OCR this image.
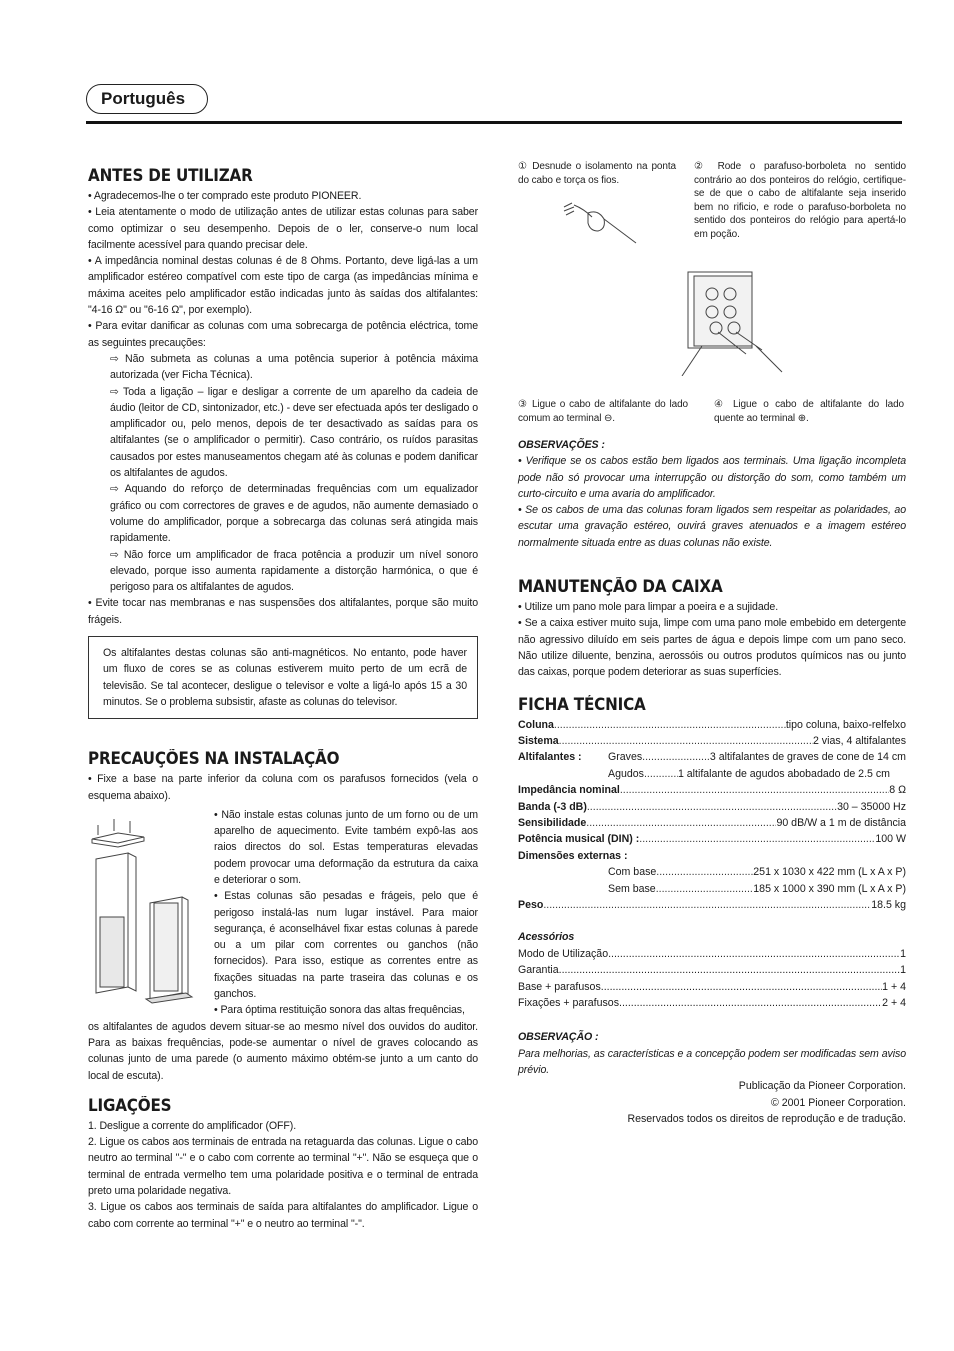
Português
ANTES DE UTILIZAR

• Agradecemos-lhe o ter comprado este produto PIONEER.

• Leia atentamente o modo de utilização antes de utilizar estas colunas para saber como optimizar o seu desempenho. Depois de o ler, conserve-o num local facilmente acessível para quando precisar dele.

• A impedância nominal destas colunas é de 8 Ohms. Portanto, deve ligá-las a um amplificador estéreo compatível com este tipo de carga (as impedâncias mínima e máxima aceites pelo amplificador estão indicadas junto às saídas dos altifalantes: "4-16 Ω" ou "6-16 Ω", por exemplo).

• Para evitar danificar as colunas com uma sobrecarga de potência eléctrica, tome as seguintes precauções:

⇨ Não submeta as colunas a uma potência superior à potência máxima autorizada (ver Ficha Técnica).

⇨ Toda a ligação – ligar e desligar a corrente de um aparelho da cadeia de áudio (leitor de CD, sintonizador, etc.) - deve ser efectuada após ter desligado o amplificador ou, pelo menos, depois de ter desactivado as saídas para os altifalantes (se o amplificador o permitir). Caso contrário, os ruídos parasitas causados por estes manuseamentos chegam até às colunas e podem danificar os altifalantes de agudos.

⇨ Aquando do reforço de determinadas frequências com um equalizador gráfico ou com correctores de graves e de agudos, não aumente demasiado o volume do amplificador, porque a sobrecarga das colunas será atingida mais rapidamente.

⇨ Não force um amplificador de fraca potência a produzir um nível sonoro elevado, porque isso aumenta rapidamente a distorção harmónica, o que é perigoso para os altifalantes de agudos.

• Evite tocar nas membranas e nas suspensões dos altifalantes, porque são muito frágeis.

Os altifalantes destas colunas são anti-magnéticos. No entanto, pode haver um fluxo de cores se as colunas estiverem muito perto de um ecrã de televisão. Se tal acontecer, desligue o televisor e volte a ligá-lo após 15 a 30 minutos. Se o problema subsistir, afaste as colunas do televisor.

PRECAUÇÕES NA INSTALAÇÃO

• Fixe a base na parte inferior da coluna com os parafusos fornecidos (vela o esquema abaixo).

• Não instale estas colunas junto de um forno ou de um aparelho de aquecimento. Evite também expô-las aos raios directos do sol. Estas temperaturas elevadas podem provocar uma deformação da estrutura da caixa e deteriorar o som.

• Estas colunas são pesadas e frágeis, pelo que é perigoso instalá-las num lugar instável. Para maior segurança, é aconselhável fixar estas colunas à parede ou a um pilar com correntes ou ganchos (não fornecidos). Para isso, estique as correntes entre as fixações situadas na parte traseira das colunas e os ganchos.

• Para óptima restituição sonora das altas frequências,

os altifalantes de agudos devem situar-se ao mesmo nível dos ouvidos do auditor. Para as baixas frequências, pode-se aumentar o nível de graves colocando as colunas junto de uma parede (o aumento máximo obtém-se junto a um canto do local de escuta).

LIGAÇÕES

1. Desligue a corrente do amplificador (OFF).

2. Ligue os cabos aos terminais de entrada na retaguarda das colunas. Ligue o cabo neutro ao terminal "-" e o cabo com corrente ao terminal "+". Não se esqueça que o terminal de entrada vermelho tem uma polaridade positiva e o terminal de entrada preto uma polaridade negativa.

3. Ligue os cabos aos terminais de saída para altifalantes do amplificador. Ligue o cabo com corrente ao terminal "+" e o neutro ao terminal "-".

① Desnude o isolamento na ponta do cabo e torça os fios.

② Rode o parafuso-borboleta no sentido contrário ao dos ponteiros do relógio, certifique-se de que o cabo de altifalante seja inserido bem no rificio, e rode o parafuso-borboleta no sentido dos ponteiros do relógio para apertá-lo em poção.

③ Ligue o cabo de altifalante do lado comum ao terminal ⊖.

④ Ligue o cabo de altifalante do lado quente ao terminal ⊕.

OBSERVAÇÕES :

• Verifique se os cabos estão bem ligados aos terminais. Uma ligação incompleta pode não só provocar uma interrupção ou distorção do som, como também um curto-circuito e uma avaria do amplificador.

• Se os cabos de uma das colunas foram ligados sem respeitar as polaridades, ao escutar uma gravação estéreo, ouvirá graves atenuados e a imagem estéreo normalmente situada entre as duas colunas não existe.

MANUTENÇÃO DA CAIXA

• Utilize um pano mole para limpar a poeira e a sujidade.

• Se a caixa estiver muito suja, limpe com uma pano mole embebido em detergente não agressivo diluído em seis partes de água e depois limpe com um pano seco. Não utilize diluente, benzina, aerossóis ou outros produtos químicos nas ou junto das caixas, porque podem deteriorar as suas superfícies.

FICHA TÉCNICA
Coluna .....	tipo coluna, baixo-relfelxo
Sistema .....	2 vias, 4 altifalantes
Altifalantes :	Graves .....	3 altifalantes de graves de cone de 14 cm
Agudos .....	1 altifalante de agudos abobadado de 2.5 cm
Impedância nominal .....	8 Ω
Banda (-3 dB) .....	30 – 35000 Hz
Sensibilidade .....	90 dB/W a 1 m de distância
Potência musical (DIN) : .....	100 W
Dimensões externas :
Com base .....	251 x 1030 x 422 mm (L x A x P)
Sem base .....	185 x 1000 x 390 mm (L x A x P)
Peso .....	18.5 kg

Acessórios

Modo de Utilização .....	1
Garantia .....	1
Base + parafusos .....	1 + 4
Fixações + parafusos .....	2 + 4

OBSERVAÇÃO :

Para melhorias, as características e a concepção podem ser modificadas sem aviso prévio.

Publicação da Pioneer Corporation.
© 2001 Pioneer Corporation.
Reservados todos os direitos de reprodução e de tradução.
